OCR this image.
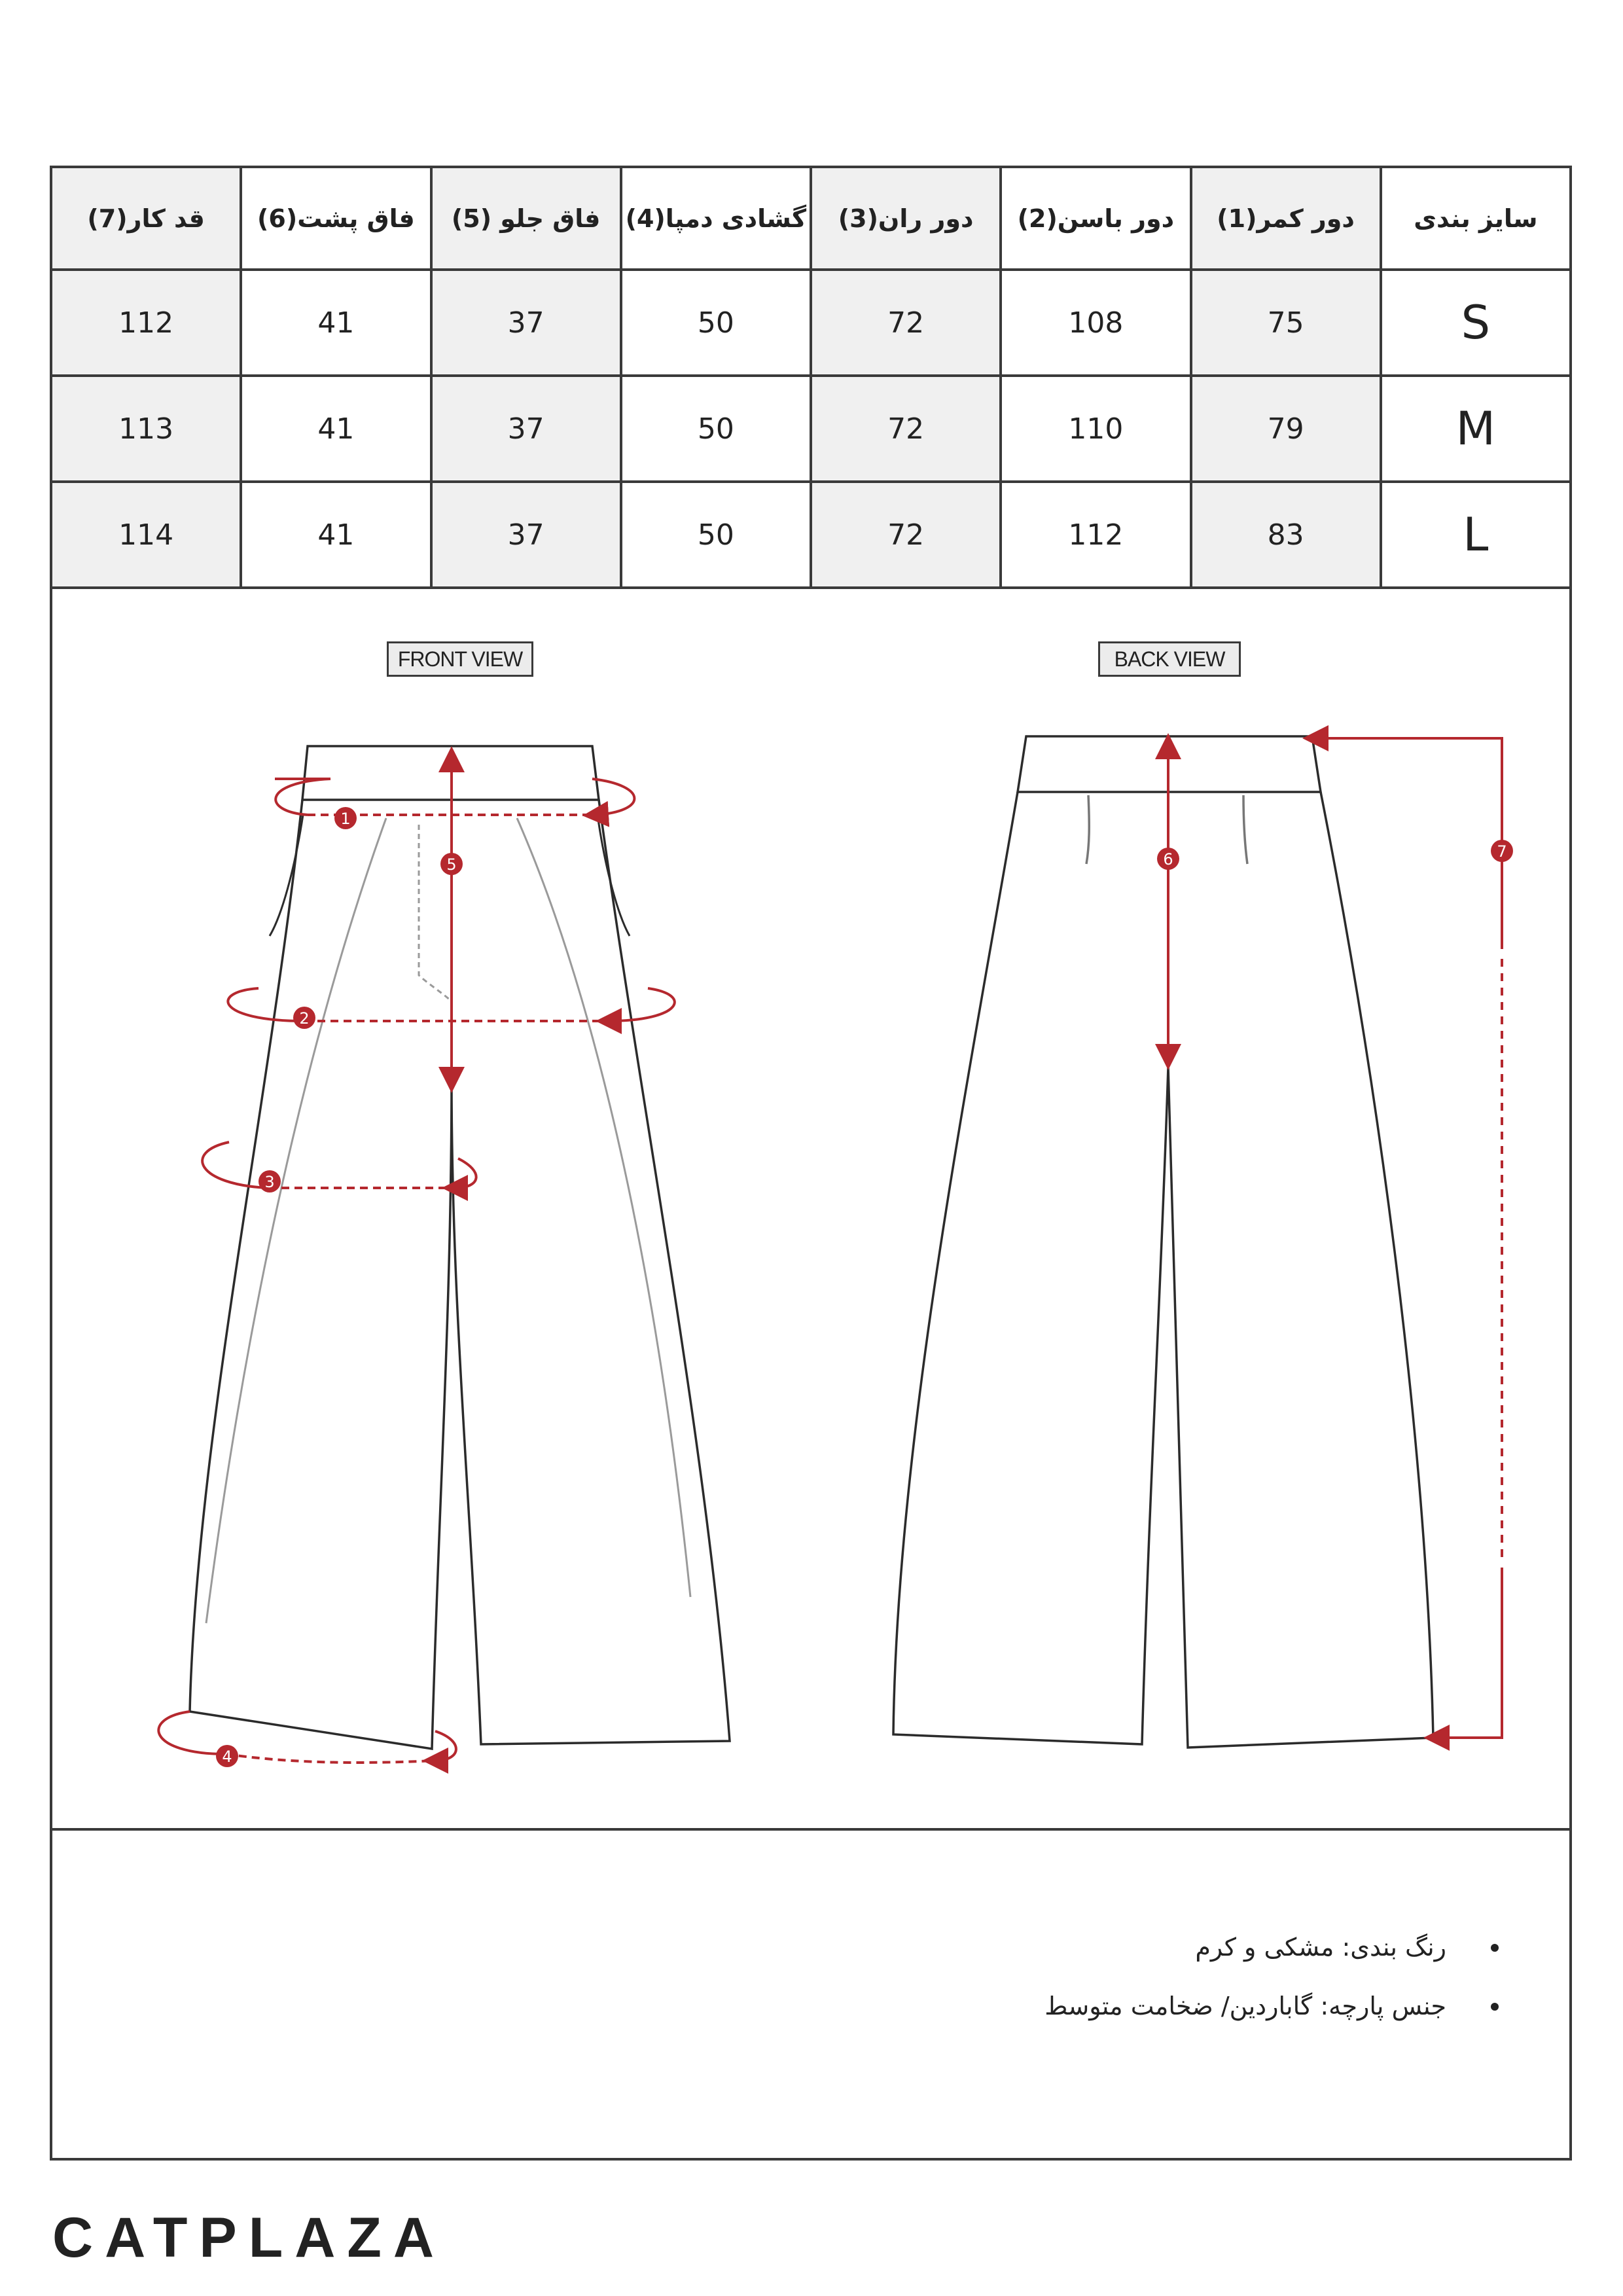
سایز بندی	دور کمر(1)	دور باسن(2)	دور ران(3)	گشادی دمپا(4)	فاق جلو (5)	فاق پشت(6)	قد کار(7)
S	75	108	72	50	37	41	112
M	79	110	72	50	37	41	113
L	83	112	72	50	37	41	114
FRONT VIEW	BACK VIEW
1
2
3
4
5	6	7
رنگ بندی: مشکی و کرم
جنس پارچه: گاباردین/ ضخامت متوسط
CATPLAZA
